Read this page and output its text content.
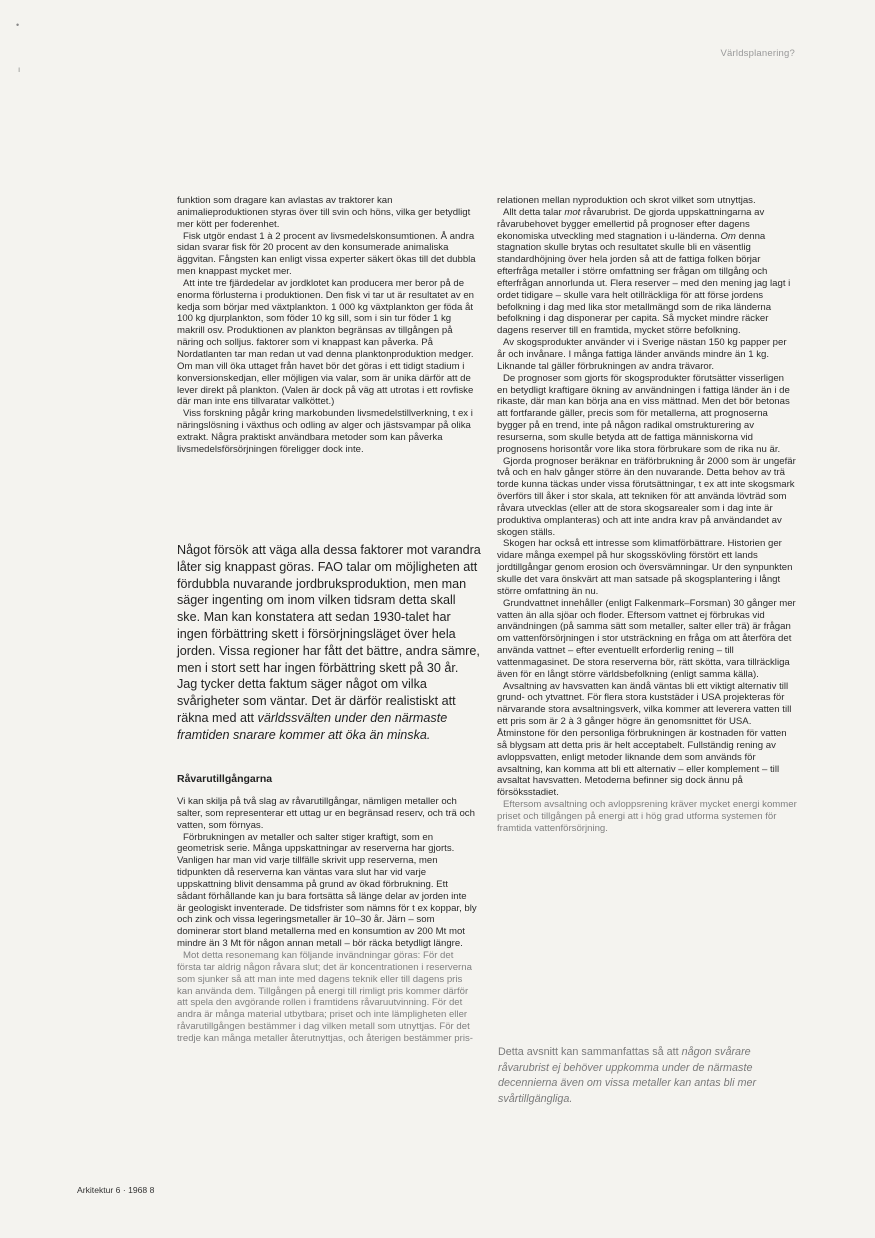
•
ı
Världsplanering?

funktion som dragare kan avlastas av traktorer kan animalieproduktionen styras över till svin och höns, vilka ger betydligt mer kött per foderenhet.

Fisk utgör endast 1 à 2 procent av livsmedelskonsumtionen. Å andra sidan svarar fisk för 20 procent av den konsumerade animaliska äggvitan. Fångsten kan enligt vissa experter säkert ökas till det dubbla men knappast mycket mer.

Att inte tre fjärdedelar av jordklotet kan producera mer beror på de enorma förlusterna i produktionen. Den fisk vi tar ut är resultatet av en kedja som börjar med växtplankton. 1 000 kg växtplankton ger föda åt 100 kg djurplankton, som föder 10 kg sill, som i sin tur föder 1 kg makrill osv. Produktionen av plankton begränsas av tillgången på näring och solljus. faktorer som vi knappast kan påverka. På Nordatlanten tar man redan ut vad denna planktonproduktion medger. Om man vill öka uttaget från havet bör det göras i ett tidigt stadium i konversionskedjan, eller möjligen via valar, som är unika därför att de lever direkt på plankton. (Valen är dock på väg att utrotas i ett rovfiske där man inte ens tillvaratar valköttet.)

Viss forskning pågår kring markobunden livsmedelstillverkning, t ex i näringslösning i växthus och odling av alger och jästsvampar på olika extrakt. Några praktiskt användbara metoder som kan påverka livsmedelsförsörjningen föreligger dock inte.

Något försök att väga alla dessa faktorer mot varandra låter sig knappast göras. FAO talar om möjligheten att fördubbla nuvarande jordbruksproduktion, men man säger ingenting om inom vilken tidsram detta skall ske. Man kan konstatera att sedan 1930-talet har ingen förbättring skett i försörjningsläget över hela jorden. Vissa regioner har fått det bättre, andra sämre, men i stort sett har ingen förbättring skett på 30 år. Jag tycker detta faktum säger något om vilka svårigheter som väntar. Det är därför realistiskt att räkna med att världssvälten under den närmaste framtiden snarare kommer att öka än minska.

Råvarutillgångarna

Vi kan skilja på två slag av råvarutillgångar, nämligen metaller och salter, som representerar ett uttag ur en begränsad reserv, och trä och vatten, som förnyas.

Förbrukningen av metaller och salter stiger kraftigt, som en geometrisk serie. Många uppskattningar av reserverna har gjorts. Vanligen har man vid varje tillfälle skrivit upp reserverna, men tidpunkten då reserverna kan väntas vara slut har vid varje uppskattning blivit densamma på grund av ökad förbrukning. Ett sådant förhållande kan ju bara fortsätta så länge delar av jorden inte är geologiskt inventerade. De tidsfrister som nämns för t ex koppar, bly och zink och vissa legeringsmetaller är 10–30 år. Järn – som dominerar stort bland metallerna med en konsumtion av 200 Mt mot mindre än 3 Mt för någon annan metall – bör räcka betydligt längre.

Mot detta resonemang kan följande invändningar göras: För det första tar aldrig någon råvara slut; det är koncentrationen i reserverna som sjunker så att man inte med dagens teknik eller till dagens pris kan använda dem. Tillgången på energi till rimligt pris kommer därför att spela den avgörande rollen i framtidens råvaruutvinning. För det andra är många material utbytbara; priset och inte lämpligheten eller råvarutillgången bestämmer i dag vilken metall som utnyttjas. För det tredje kan många metaller återutnyttjas, och återigen bestämmer pris-

relationen mellan nyproduktion och skrot vilket som utnyttjas.

Allt detta talar mot råvarubrist. De gjorda uppskattningarna av råvarubehovet bygger emellertid på prognoser efter dagens ekonomiska utveckling med stagnation i u-länderna. Om denna stagnation skulle brytas och resultatet skulle bli en väsentlig standardhöjning över hela jorden så att de fattiga folken börjar efterfråga metaller i större omfattning ser frågan om tillgång och efterfrågan annorlunda ut. Flera reserver – med den mening jag lagt i ordet tidigare – skulle vara helt otillräckliga för att förse jordens befolkning i dag med lika stor metallmängd som de rika länderna befolkning i dag disponerar per capita. Så mycket mindre räcker dagens reserver till en framtida, mycket större befolkning.

Av skogsprodukter använder vi i Sverige nästan 150 kg papper per år och invånare. I många fattiga länder används mindre än 1 kg. Liknande tal gäller förbrukningen av andra trävaror.

De prognoser som gjorts för skogsprodukter förutsätter visserligen en betydligt kraftigare ökning av användningen i fattiga länder än i de rikaste, där man kan börja ana en viss mättnad. Men det bör betonas att fortfarande gäller, precis som för metallerna, att prognoserna bygger på en trend, inte på någon radikal omstrukturering av resurserna, som skulle betyda att de fattiga människorna vid prognosens horisontår vore lika stora förbrukare som de rika nu är.

Gjorda prognoser beräknar en träförbrukning år 2000 som är ungefär två och en halv gånger större än den nuvarande. Detta behov av trä torde kunna täckas under vissa förutsättningar, t ex att inte skogsmark överförs till åker i stor skala, att tekniken för att använda lövträd som råvara utvecklas (eller att de stora skogsarealer som i dag inte är produktiva omplanteras) och att inte andra krav på användandet av skogen ställs.

Skogen har också ett intresse som klimatförbättrare. Historien ger vidare många exempel på hur skogsskövling förstört ett lands jordtillgångar genom erosion och översvämningar. Ur den synpunkten skulle det vara önskvärt att man satsade på skogsplantering i långt större omfattning än nu.

Grundvattnet innehåller (enligt Falkenmark–Forsman) 30 gånger mer vatten än alla sjöar och floder. Eftersom vattnet ej förbrukas vid användningen (på samma sätt som metaller, salter eller trä) är frågan om vattenförsörjningen i stor utsträckning en fråga om att återföra det använda vattnet – efter eventuellt erforderlig rening – till vattenmagasinet. De stora reserverna bör, rätt skötta, vara tillräckliga även för en långt större världsbefolkning (enligt samma källa).

Avsaltning av havsvatten kan ändå väntas bli ett viktigt alternativ till grund- och ytvattnet. För flera stora kuststäder i USA projekteras för närvarande stora avsaltningsverk, vilka kommer att leverera vatten till ett pris som är 2 à 3 gånger högre än genomsnittet för USA. Åtminstone för den personliga förbrukningen är kostnaden för vatten så blygsam att detta pris är helt acceptabelt. Fullständig rening av avloppsvatten, enligt metoder liknande dem som används för avsaltning, kan komma att bli ett alternativ – eller komplement – till avsaltat havsvatten. Metoderna befinner sig dock ännu på försöksstadiet.

Eftersom avsaltning och avloppsrening kräver mycket energi kommer priset och tillgången på energi att i hög grad utforma systemen för framtida vattenförsörjning.

Detta avsnitt kan sammanfattas så att någon svårare råvarubrist ej behöver uppkomma under de närmaste decennierna även om vissa metaller kan antas bli mer svårtillgängliga.

Arkitektur 6 · 1968 8
